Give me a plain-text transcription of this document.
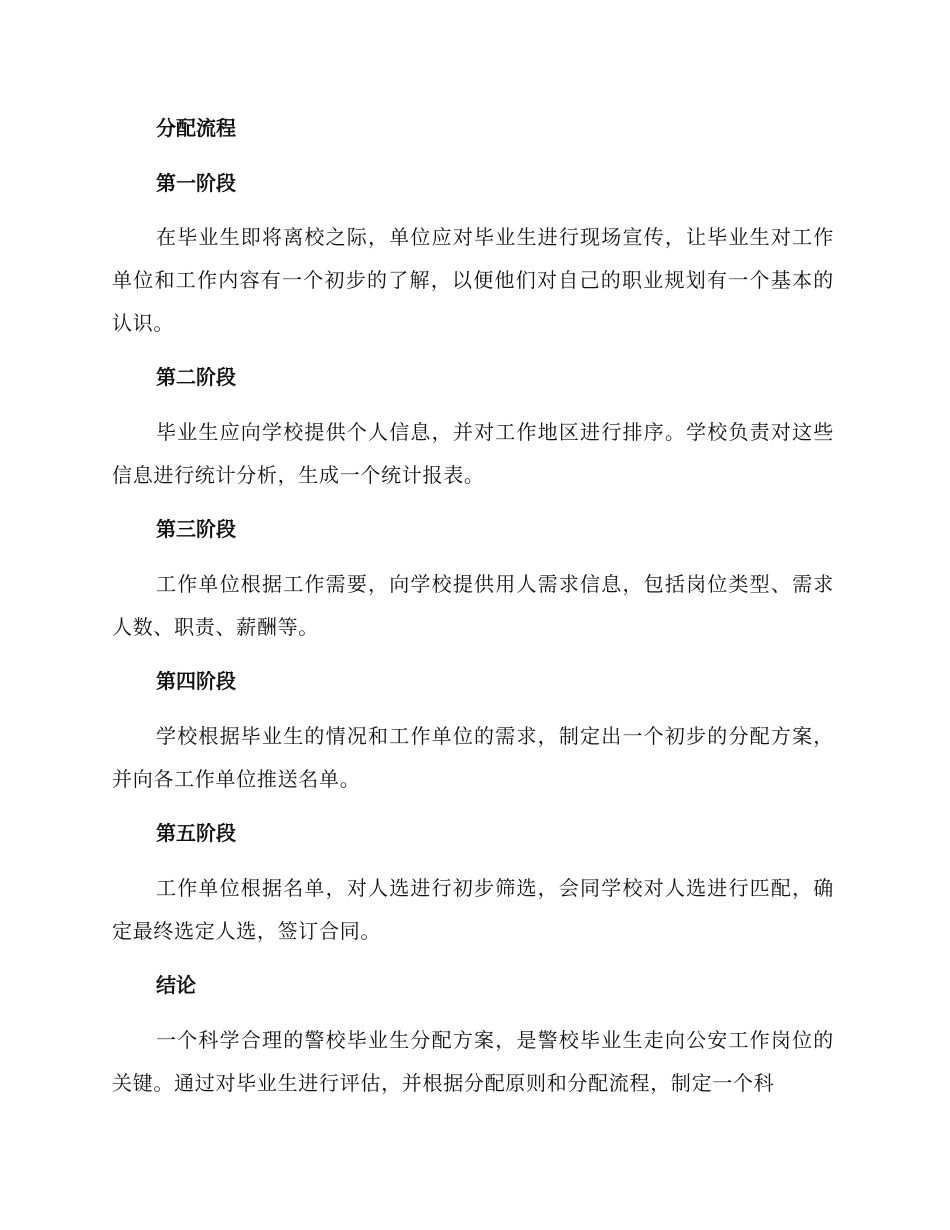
分配流程
第一阶段
在毕业生即将离校之际，单位应对毕业生进行现场宣传，让毕业生对工作单位和工作内容有一个初步的了解，以便他们对自己的职业规划有一个基本的认识。
第二阶段
毕业生应向学校提供个人信息，并对工作地区进行排序。学校负责对这些信息进行统计分析，生成一个统计报表。
第三阶段
工作单位根据工作需要，向学校提供用人需求信息，包括岗位类型、需求人数、职责、薪酬等。
第四阶段
学校根据毕业生的情况和工作单位的需求，制定出一个初步的分配方案，并向各工作单位推送名单。
第五阶段
工作单位根据名单，对人选进行初步筛选，会同学校对人选进行匹配，确定最终选定人选，签订合同。
结论
一个科学合理的警校毕业生分配方案，是警校毕业生走向公安工作岗位的关键。通过对毕业生进行评估，并根据分配原则和分配流程，制定一个科
